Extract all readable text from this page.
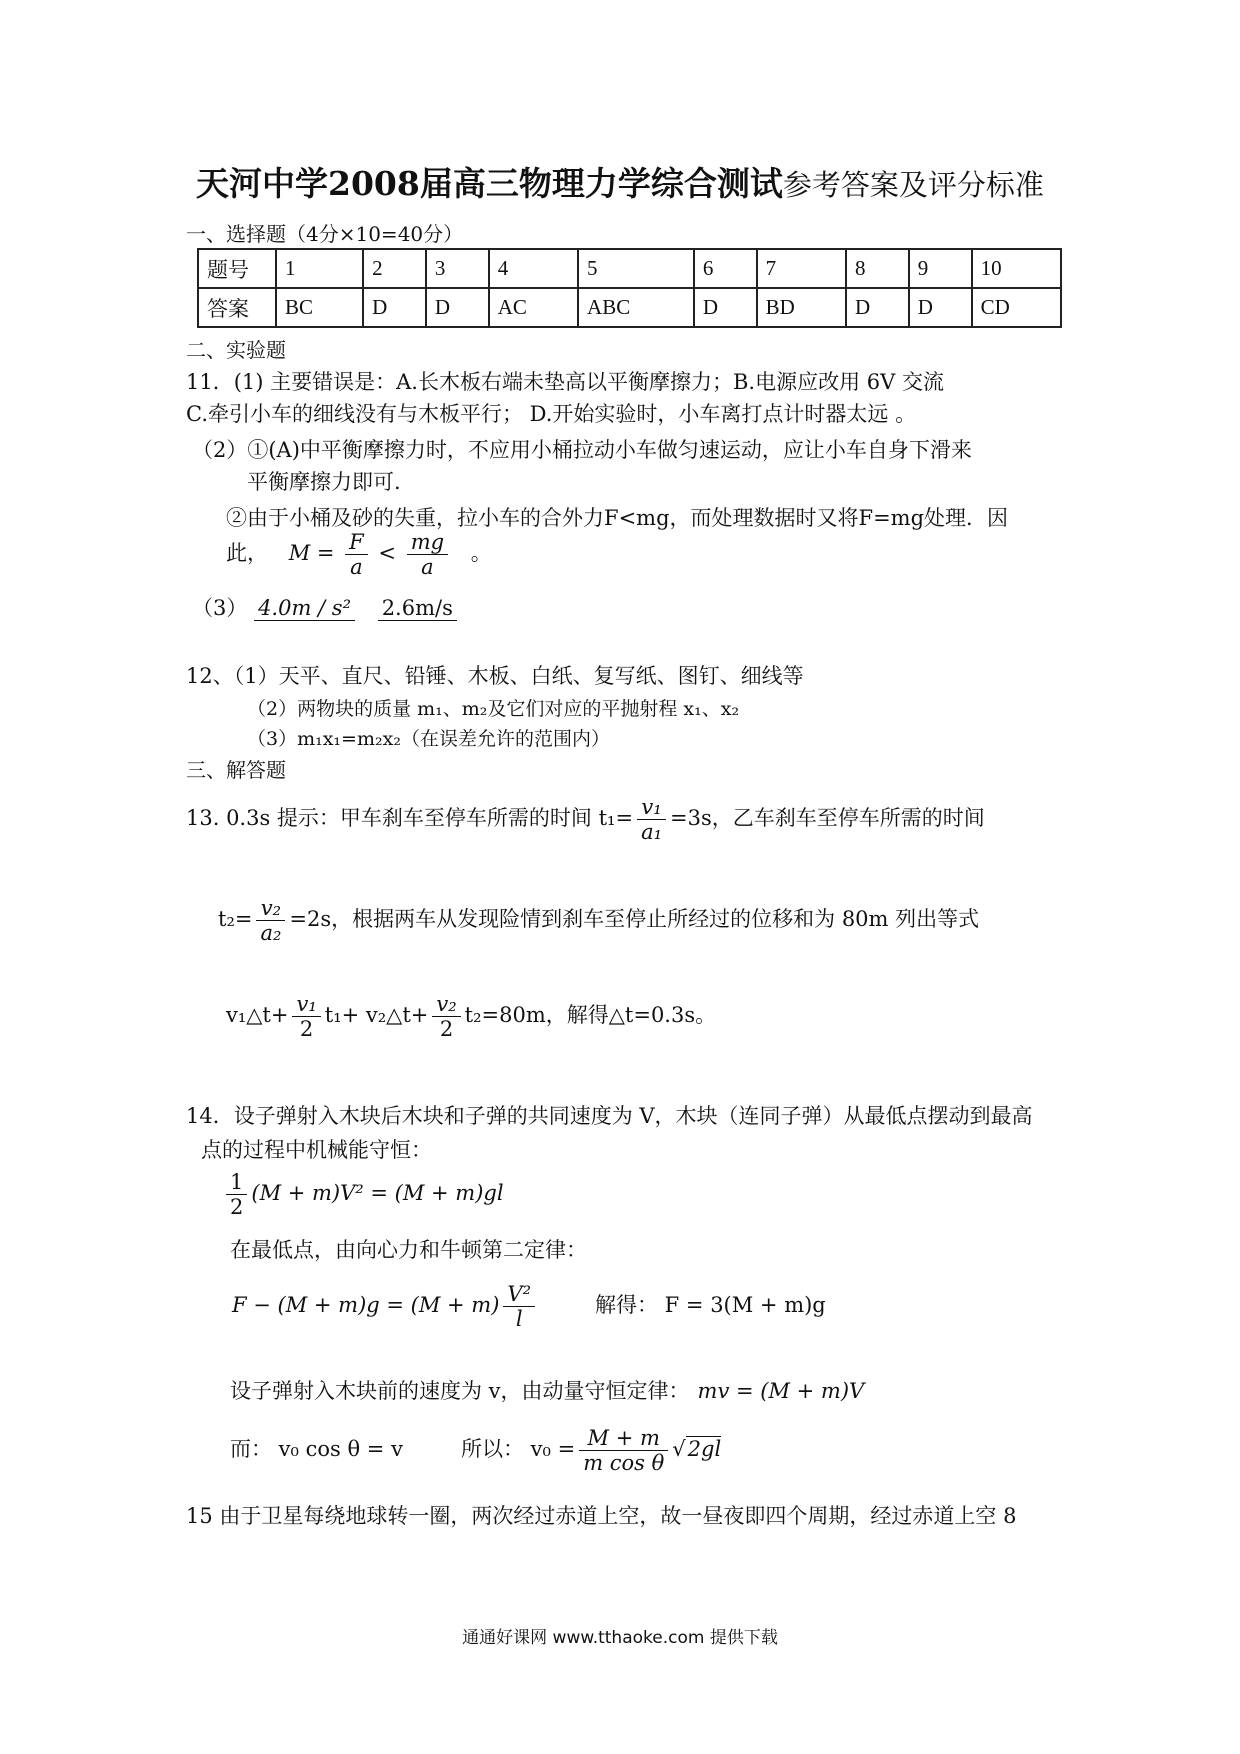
天河中学2008届高三物理力学综合测试参考答案及评分标准
一、选择题（4分×10=40分）
题号	1	2	3	4	5	6	7	8	9	10
答案	BC	D	D	AC	ABC	D	BD	D	D	CD
二、实验题
11．(1) 主要错误是：A.长木板右端未垫高以平衡摩擦力；B.电源应改用 6V 交流
C.牵引小车的细线没有与木板平行； D.开始实验时，小车离打点计时器太远 。
（2）①(A)中平衡摩擦力时，不应用小桶拉动小车做匀速运动，应让小车自身下滑来
平衡摩擦力即可.
②由于小桶及砂的失重，拉小车的合外力F<mg，而处理数据时又将F=mg处理．因
此， $M = \frac{F}{a} < \frac{mg}{a}$ 。
（3） 4.0m / s² 2.6m/s
12、（1）天平、直尺、铅锤、木板、白纸、复写纸、图钉、细线等
（2）两物块的质量 m₁、m₂及它们对应的平抛射程 x₁、x₂
（3）m₁x₁=m₂x₂（在误差允许的范围内）
三、解答题
13. 0.3s 提示：甲车刹车至停车所需的时间 $t_1= \frac{\text{v₁}}{\text{a₁}} =3s$，乙车刹车至停车所需的时间
$t_2= \frac{\text{v₂}}{\text{a₂}} =2s$，根据两车从发现险情到刹车至停止所经过的位移和为 80m 列出等式
v₁△t+ $\frac{\text{v₁}}{2} t_1+$ v₂△t+ $\frac{\text{v₂}}{2} t_2=80m$，解得△t=0.3s。
14．设子弹射入木块后木块和子弹的共同速度为 V，木块（连同子弹）从最低点摆动到最高
点的过程中机械能守恒：
$\frac{1}{2} (M + m)V^2 = (M + m)gl$
在最低点，由向心力和牛顿第二定律：
$F - (M + m)g = (M + m) \frac{\text{V²}}{l}$	解得： F = 3(M + m)g
设子弹射入木块前的速度为 v，由动量守恒定律： mv = (M + m)V
而： v₀ cos θ = v	所以： $v_0 = \frac{M + m}{\text{m cos θ}} √2gl$
15 由于卫星每绕地球转一圈，两次经过赤道上空，故一昼夜即四个周期，经过赤道上空 8
通通好课网 www.tthaoke.com 提供下载
